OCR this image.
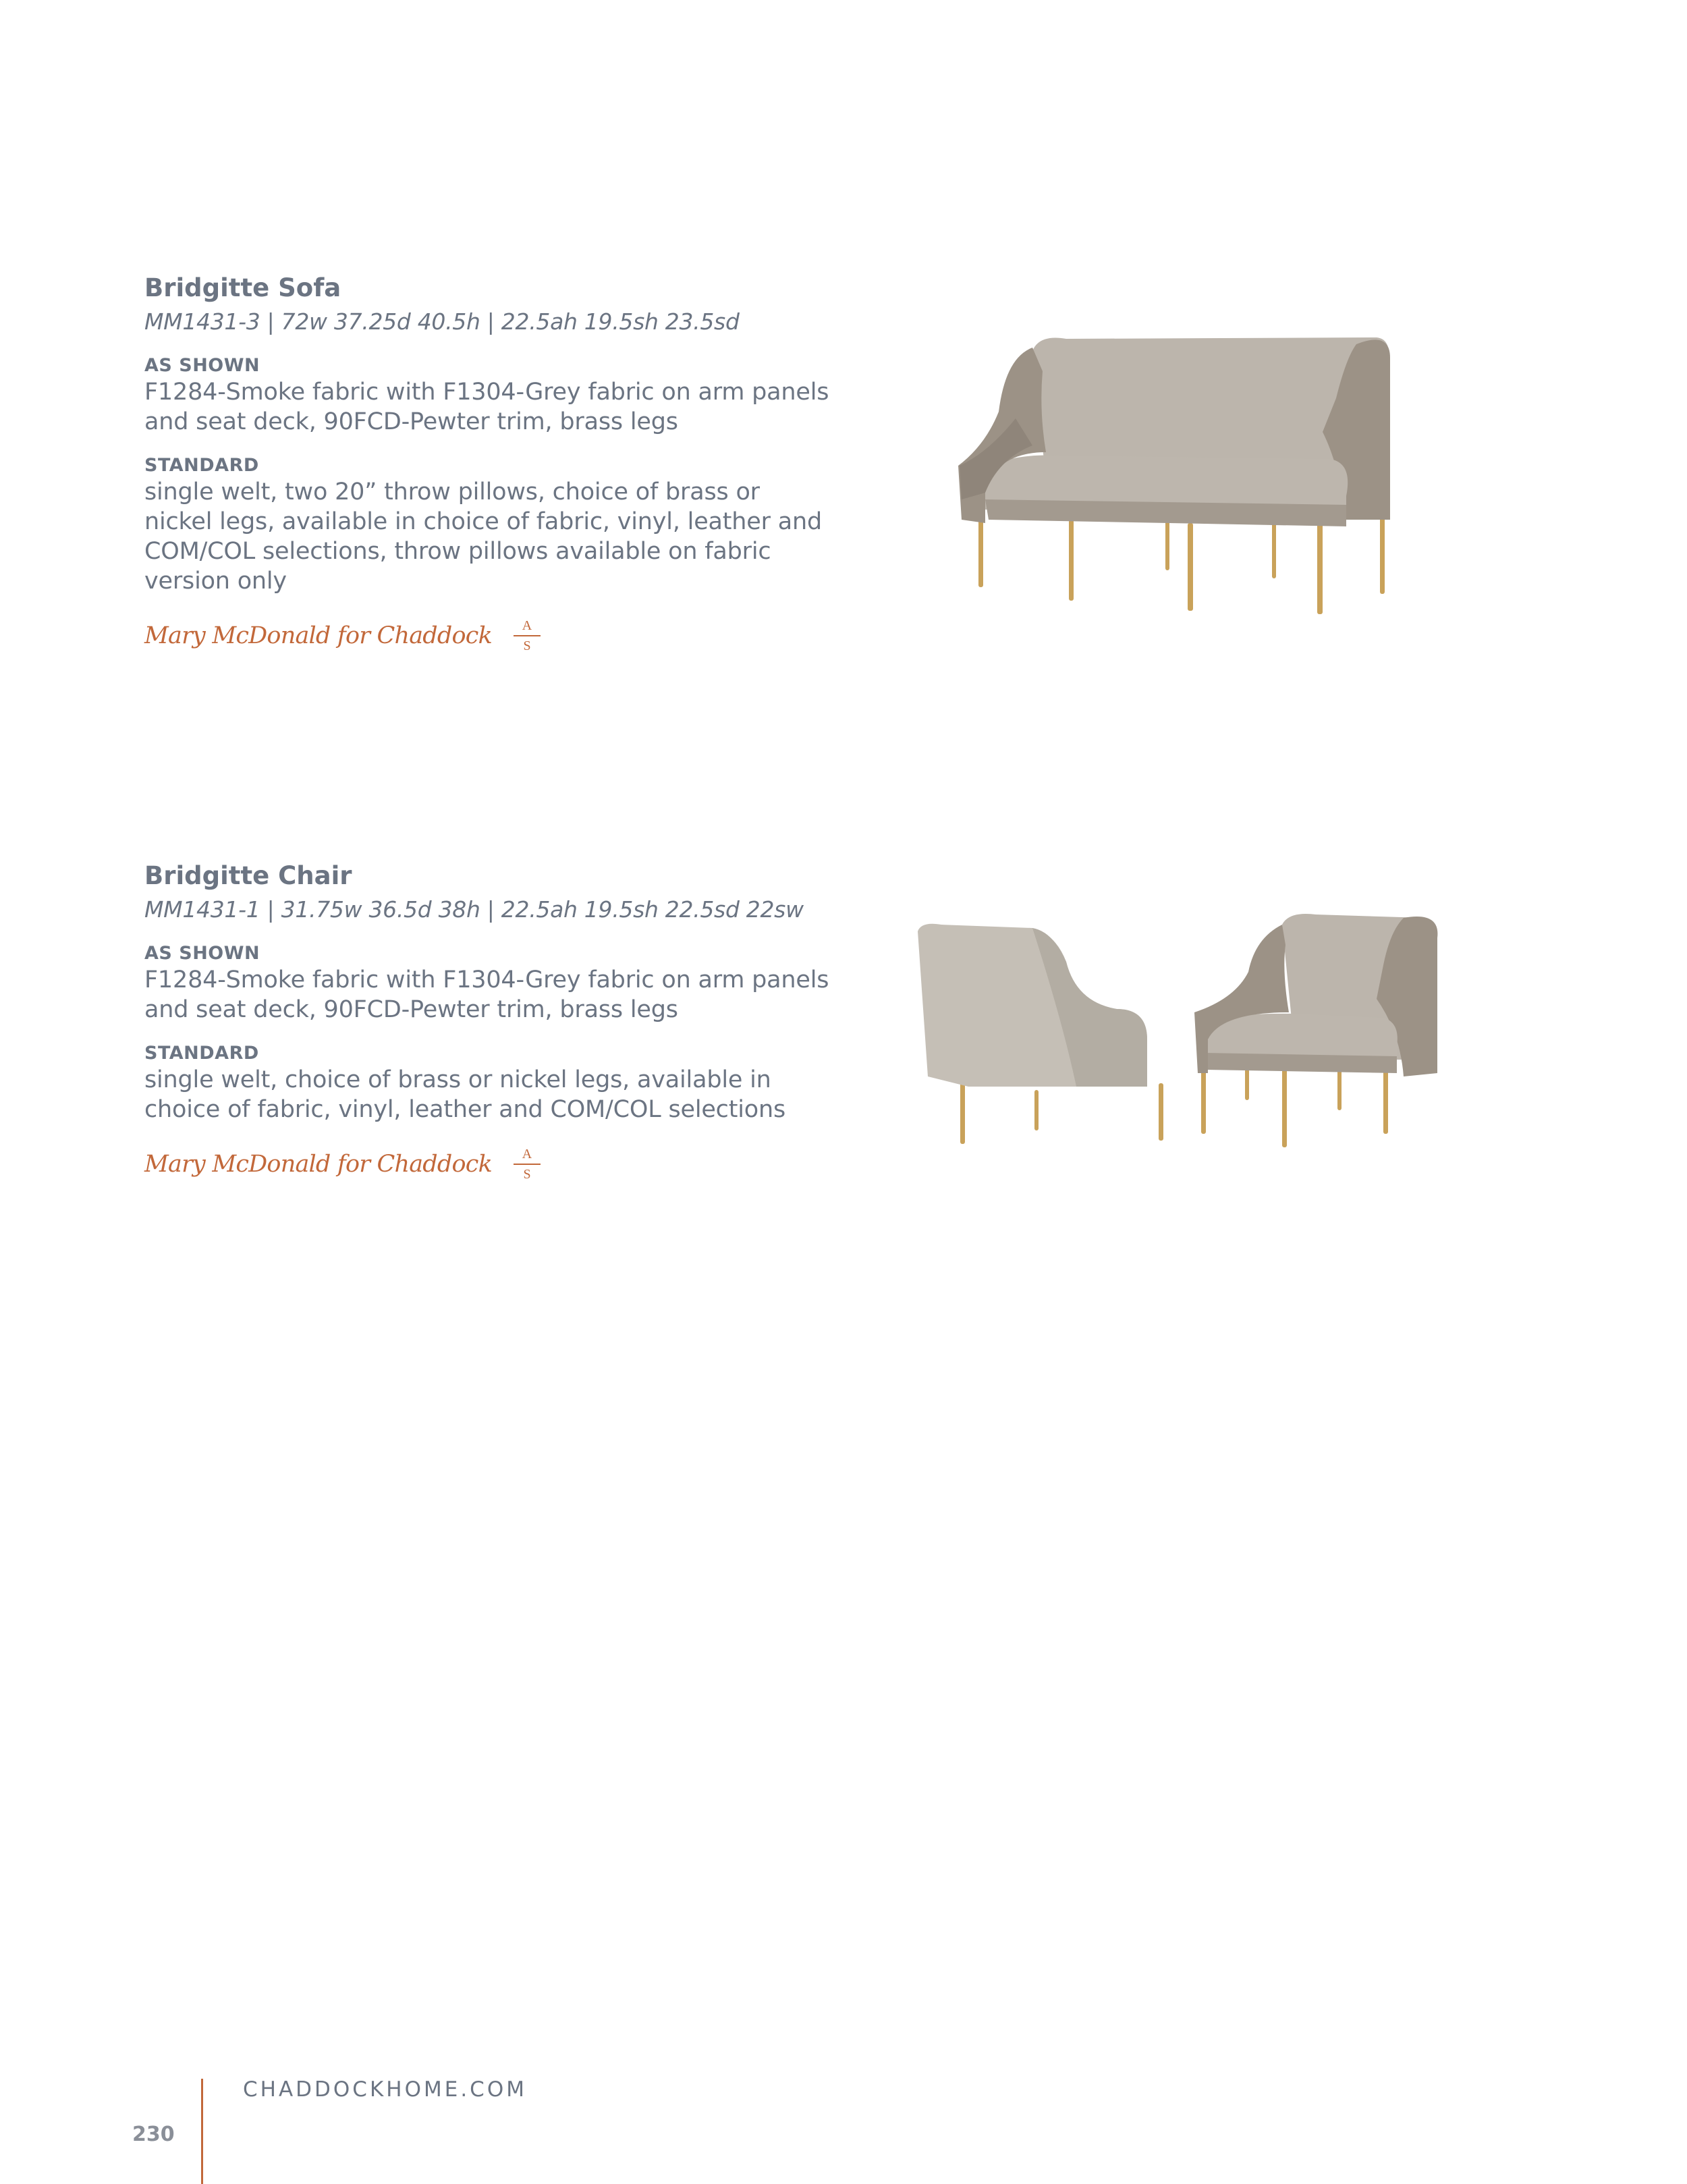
Bridgitte Sofa
MM1431-3 | 72w 37.25d 40.5h | 22.5ah 19.5sh 23.5sd
AS SHOWN
F1284-Smoke fabric with F1304-Grey fabric on arm panels
and seat deck, 90FCD-Pewter trim, brass legs
STANDARD
single welt, two 20” throw pillows, choice of brass or
nickel legs, available in choice of fabric, vinyl, leather and
COM/COL selections, throw pillows available on fabric
version only
Mary McDonald for Chaddock A
S
Bridgitte Chair
MM1431-1 | 31.75w 36.5d 38h | 22.5ah 19.5sh 22.5sd 22sw
AS SHOWN
F1284-Smoke fabric with F1304-Grey fabric on arm panels
and seat deck, 90FCD-Pewter trim, brass legs
STANDARD
single welt, choice of brass or nickel legs, available in
choice of fabric, vinyl, leather and COM/COL selections
Mary McDonald for Chaddock A
S
CHADDOCKHOME.COM
230
